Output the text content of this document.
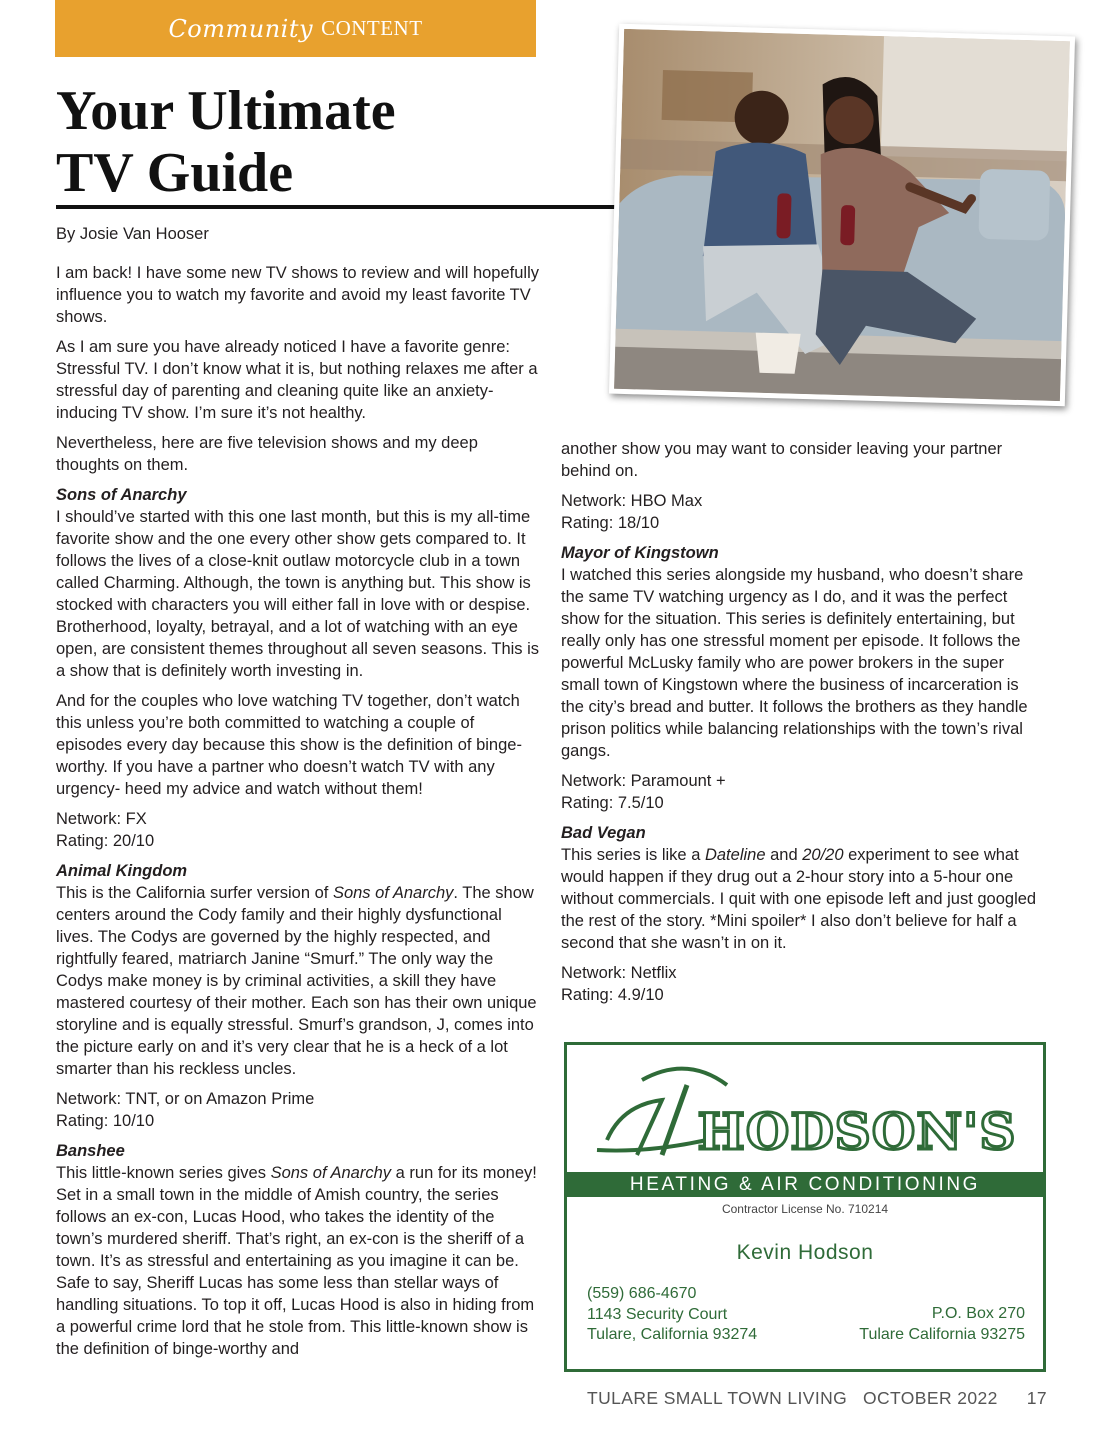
Community CONTENT
Your Ultimate
TV Guide

By Josie Van Hooser

I am back! I have some new TV shows to review and will hopefully influence you to watch my favorite and avoid my least favorite TV shows.

As I am sure you have already noticed I have a favorite genre: Stressful TV. I don’t know what it is, but nothing relaxes me after a stressful day of parenting and cleaning quite like an anxiety-inducing TV show. I’m sure it’s not healthy.

Nevertheless, here are five television shows and my deep thoughts on them.

Sons of Anarchy

I should’ve started with this one last month, but this is my all-time favorite show and the one every other show gets compared to. It follows the lives of a close-knit outlaw motorcycle club in a town called Charming. Although, the town is anything but. This show is stocked with characters you will either fall in love with or despise. Brotherhood, loyalty, betrayal, and a lot of watching with an eye open, are consistent themes throughout all seven seasons. This is a show that is definitely worth investing in.

And for the couples who love watching TV together, don’t watch this unless you’re both committed to watching a couple of episodes every day because this show is the definition of binge-worthy. If you have a partner who doesn’t watch TV with any urgency- heed my advice and watch without them!

Network: FX

Rating: 20/10

Animal Kingdom

This is the California surfer version of Sons of Anarchy. The show centers around the Cody family and their highly dysfunctional lives. The Codys are governed by the highly respected, and rightfully feared, matriarch Janine “Smurf.” The only way the Codys make money is by criminal activities, a skill they have mastered courtesy of their mother. Each son has their own unique storyline and is equally stressful. Smurf’s grandson, J, comes into the picture early on and it’s very clear that he is a heck of a lot smarter than his reckless uncles.

Network: TNT, or on Amazon Prime

Rating: 10/10

Banshee

This little-known series gives Sons of Anarchy a run for its money! Set in a small town in the middle of Amish country, the series follows an ex-con, Lucas Hood, who takes the identity of the town’s murdered sheriff. That’s right, an ex-con is the sheriff of a town. It’s as stressful and entertaining as you imagine it can be. Safe to say, Sheriff Lucas has some less than stellar ways of handling situations. To top it off, Lucas Hood is also in hiding from a powerful crime lord that he stole from. This little-known show is the definition of binge-worthy and

another show you may want to consider leaving your partner behind on.

Network: HBO Max

Rating: 18/10

Mayor of Kingstown

I watched this series alongside my husband, who doesn’t share the same TV watching urgency as I do, and it was the perfect show for the situation. This series is definitely entertaining, but really only has one stressful moment per episode. It follows the powerful McLusky family who are power brokers in the super small town of Kingstown where the business of incarceration is the city’s bread and butter. It follows the brothers as they handle prison politics while balancing relationships with the town’s rival gangs.

Network: Paramount +

Rating: 7.5/10

Bad Vegan

This series is like a Dateline and 20/20 experiment to see what would happen if they drug out a 2-hour story into a 5-hour one without commercials. I quit with one episode left and just googled the rest of the story. *Mini spoiler* I also don’t believe for half a second that she wasn’t in on it.

Network: Netflix

Rating: 4.9/10

HODSON'S
HEATING & AIR CONDITIONING
Contractor License No. 710214
Kevin Hodson
(559) 686-4670
1143 Security Court
Tulare, California 93274
P.O. Box 270
Tulare California 93275
TULARE SMALL TOWN LIVING OCTOBER 2022 17
